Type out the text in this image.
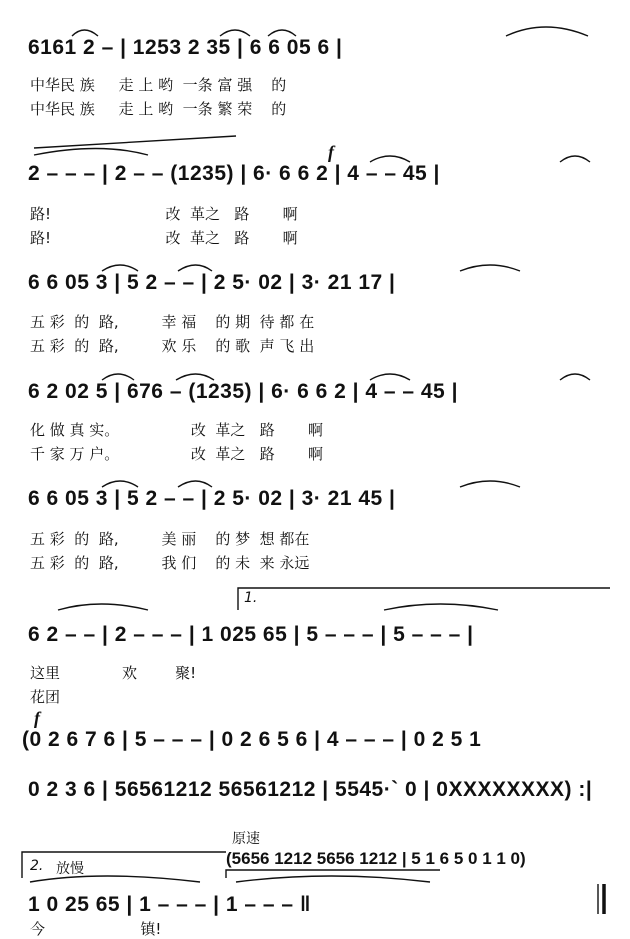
6161 2 – | 1253 2 35 | 6 6 05 6 |
中华民 族     走 上 哟  一条 富 强    的
中华民 族     走 上 哟  一条 繁 荣    的
f
2 – – – | 2 – – (1235) | 6· 6 6 2 | 4 – – 45 |
路!                        改  革之   路       啊
路!                        改  革之   路       啊
6 6 05 3 | 5 2 – – | 2 5· 02 | 3· 21 17 |
五 彩  的  路,         幸 福    的 期  待 都 在
五 彩  的  路,         欢 乐    的 歌  声 飞 出
6 2 02 5 | 676 – (1235) | 6· 6 6 2 | 4 – – 45 |
化 做 真 实。               改  革之   路       啊
千 家 万 户。               改  革之   路       啊
6 6 05 3 | 5 2 – – | 2 5· 02 | 3· 21 45 |
五 彩  的  路,         美 丽    的 梦  想 都在
五 彩  的  路,         我 们    的 未  来 永远
1.
6 2 – – | 2 – – – | 1 025 65 | 5 – – – | 5 – – – |
这里             欢        聚!
花团
f
(0 2 6 7 6 | 5 – – – | 0 2 6 5 6 | 4 – – – | 0 2 5 1
0 2 3 6 | 56561212 56561212 | 5545·` 0 | 0XXXXXXXX) :|
原速
(5656 1212 5656 1212 | 5 1 6 5 0 1 1 0)
2. 放慢
1 0 25 65 | 1 – – – | 1 – – – ‖
今                    镇!
